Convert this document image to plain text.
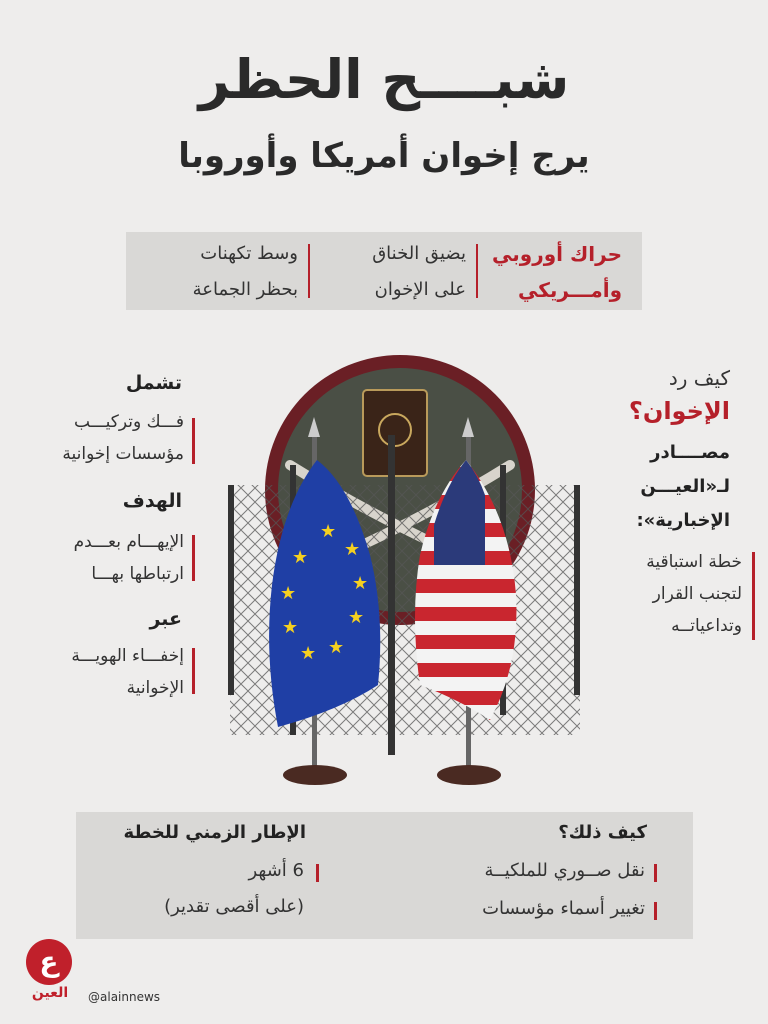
شبــــح الحظر
يرج إخوان أمريكا وأوروبا
حراك أوروبي
وأمـــريكي
يضيق الخناق
على الإخوان
وسط تكهنات
بحظر الجماعة
★
★
★
★
★
★
★
★
★
كيف رد
الإخوان؟
مصــــادر
لـ«العيـــن
الإخبارية»:
خطة استباقية
لتجنب القرار
وتداعياتــه
تشمل
فـــك وتركيـــب
مؤسسات إخوانية
الهدف
الإيهـــام بعـــدم
ارتباطها بهـــا
عبر
إخفـــاء الهويـــة
الإخوانية
كيف ذلك؟
نقل صــوري للملكيــة
تغيير أسماء مؤسسات
الإطار الزمني للخطة
6 أشهر
(على أقصى تقدير)
ع
العين	@alainnews
